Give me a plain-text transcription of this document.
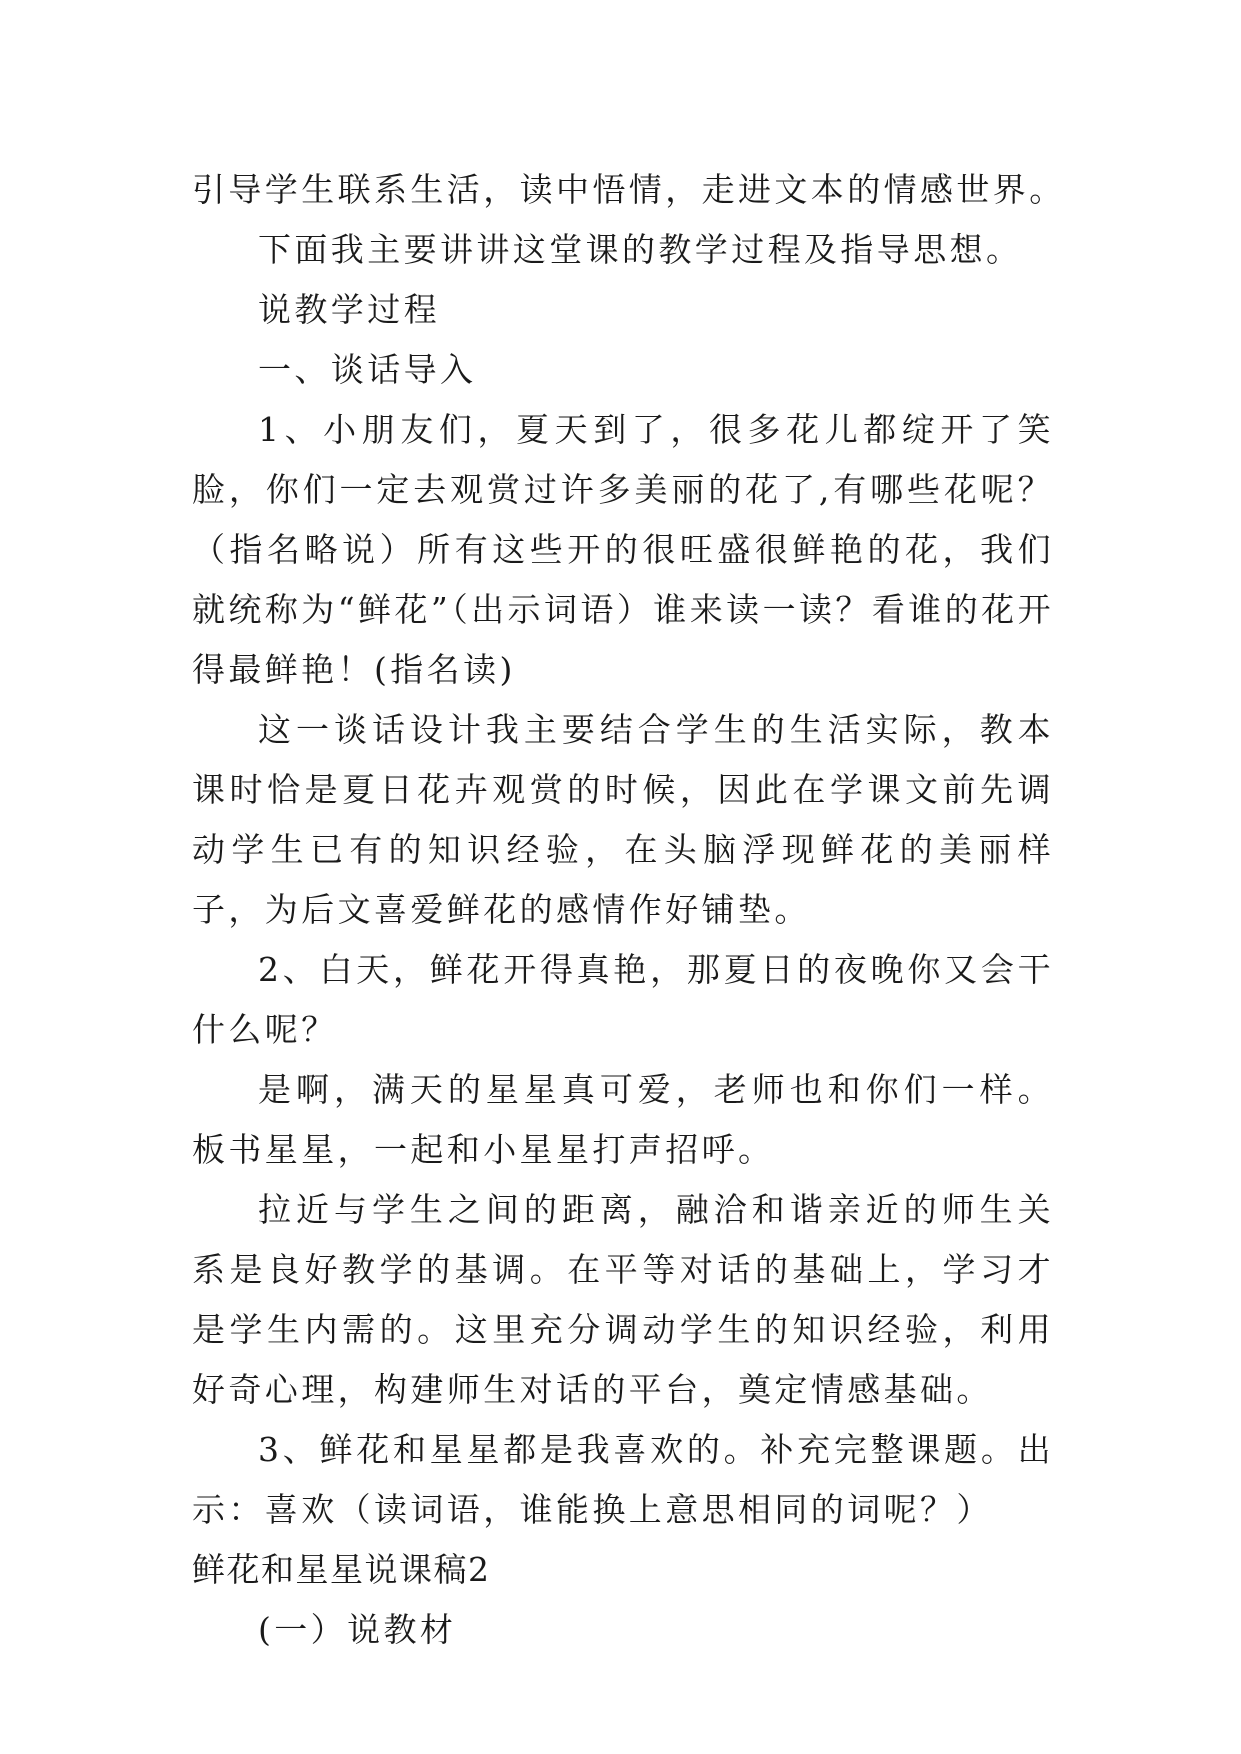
引导学生联系生活，读中悟情，走进文本的情感世界。

下面我主要讲讲这堂课的教学过程及指导思想。

说教学过程

一、谈话导入

1、小朋友们，夏天到了，很多花儿都绽开了笑脸，你们一定去观赏过许多美丽的花了,有哪些花呢？（指名略说）所有这些开的很旺盛很鲜艳的花，我们就统称为“鲜花”（出示词语）谁来读一读？看谁的花开得最鲜艳！(指名读)

这一谈话设计我主要结合学生的生活实际，教本课时恰是夏日花卉观赏的时候，因此在学课文前先调动学生已有的知识经验，在头脑浮现鲜花的美丽样子，为后文喜爱鲜花的感情作好铺垫。

2、白天，鲜花开得真艳，那夏日的夜晚你又会干什么呢？

是啊，满天的星星真可爱，老师也和你们一样。板书星星，一起和小星星打声招呼。

拉近与学生之间的距离，融洽和谐亲近的师生关系是良好教学的基调。在平等对话的基础上，学习才是学生内需的。这里充分调动学生的知识经验，利用好奇心理，构建师生对话的平台，奠定情感基础。

3、鲜花和星星都是我喜欢的。补充完整课题。出示：喜欢（读词语，谁能换上意思相同的词呢？）

鲜花和星星说课稿2

(一）说教材
